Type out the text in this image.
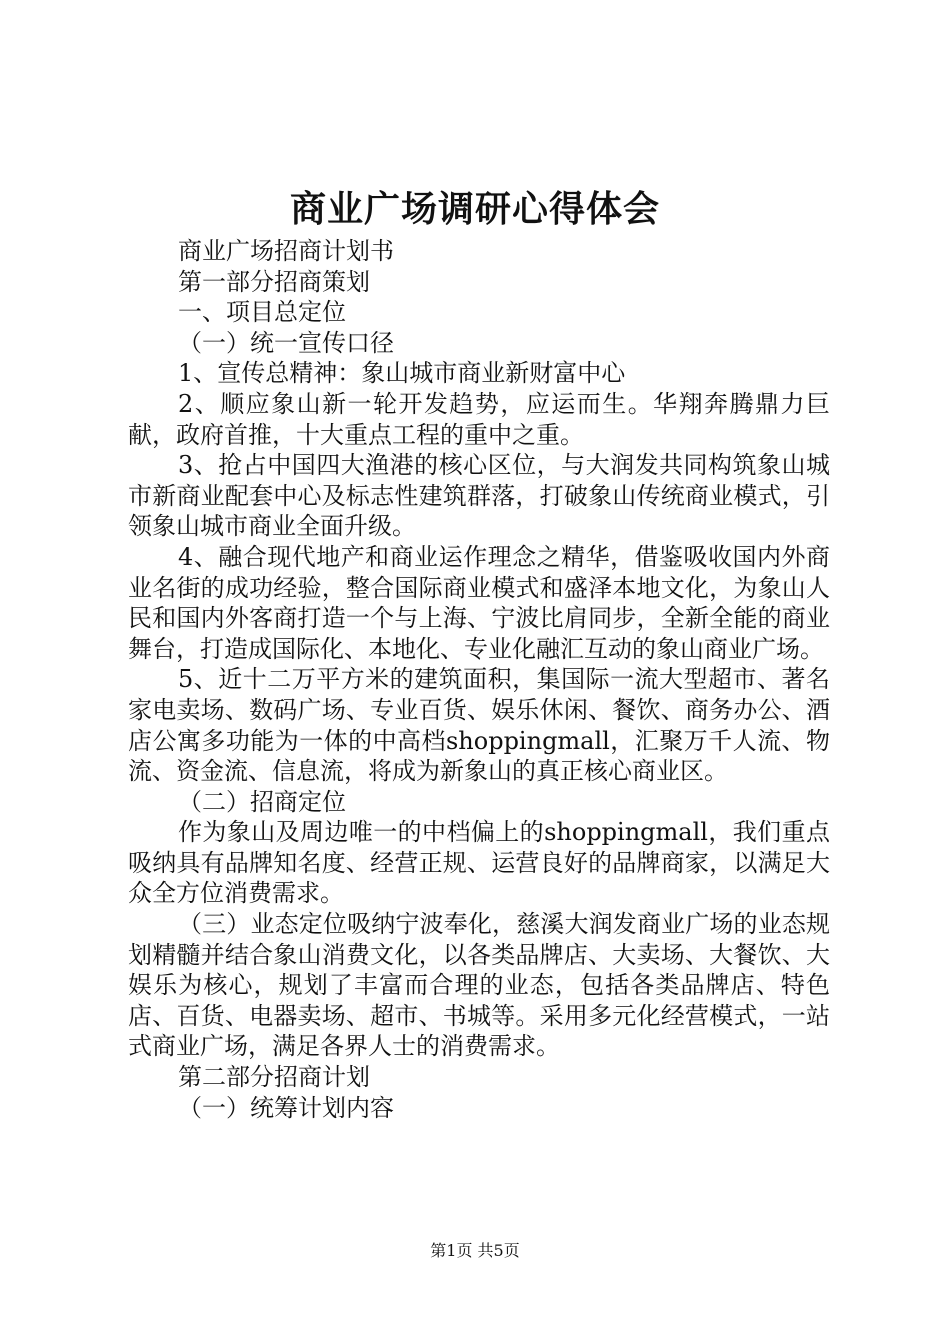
商业广场调研心得体会

商业广场招商计划书

第一部分招商策划

一、项目总定位

（一）统一宣传口径

1、宣传总精神：象山城市商业新财富中心

2、顺应象山新一轮开发趋势，应运而生。华翔奔腾鼎力巨献，政府首推，十大重点工程的重中之重。

3、抢占中国四大渔港的核心区位，与大润发共同构筑象山城市新商业配套中心及标志性建筑群落，打破象山传统商业模式，引领象山城市商业全面升级。

4、融合现代地产和商业运作理念之精华，借鉴吸收国内外商业名街的成功经验，整合国际商业模式和盛泽本地文化，为象山人民和国内外客商打造一个与上海、宁波比肩同步，全新全能的商业舞台，打造成国际化、本地化、专业化融汇互动的象山商业广场。

5、近十二万平方米的建筑面积，集国际一流大型超市、著名家电卖场、数码广场、专业百货、娱乐休闲、餐饮、商务办公、酒店公寓多功能为一体的中高档shoppingmall，汇聚万千人流、物流、资金流、信息流，将成为新象山的真正核心商业区。

（二）招商定位

作为象山及周边唯一的中档偏上的shoppingmall，我们重点吸纳具有品牌知名度、经营正规、运营良好的品牌商家，以满足大众全方位消费需求。

（三）业态定位吸纳宁波奉化，慈溪大润发商业广场的业态规划精髓并结合象山消费文化，以各类品牌店、大卖场、大餐饮、大娱乐为核心，规划了丰富而合理的业态，包括各类品牌店、特色店、百货、电器卖场、超市、书城等。采用多元化经营模式，一站式商业广场，满足各界人士的消费需求。

第二部分招商计划

（一）统筹计划内容

第1页 共5页
